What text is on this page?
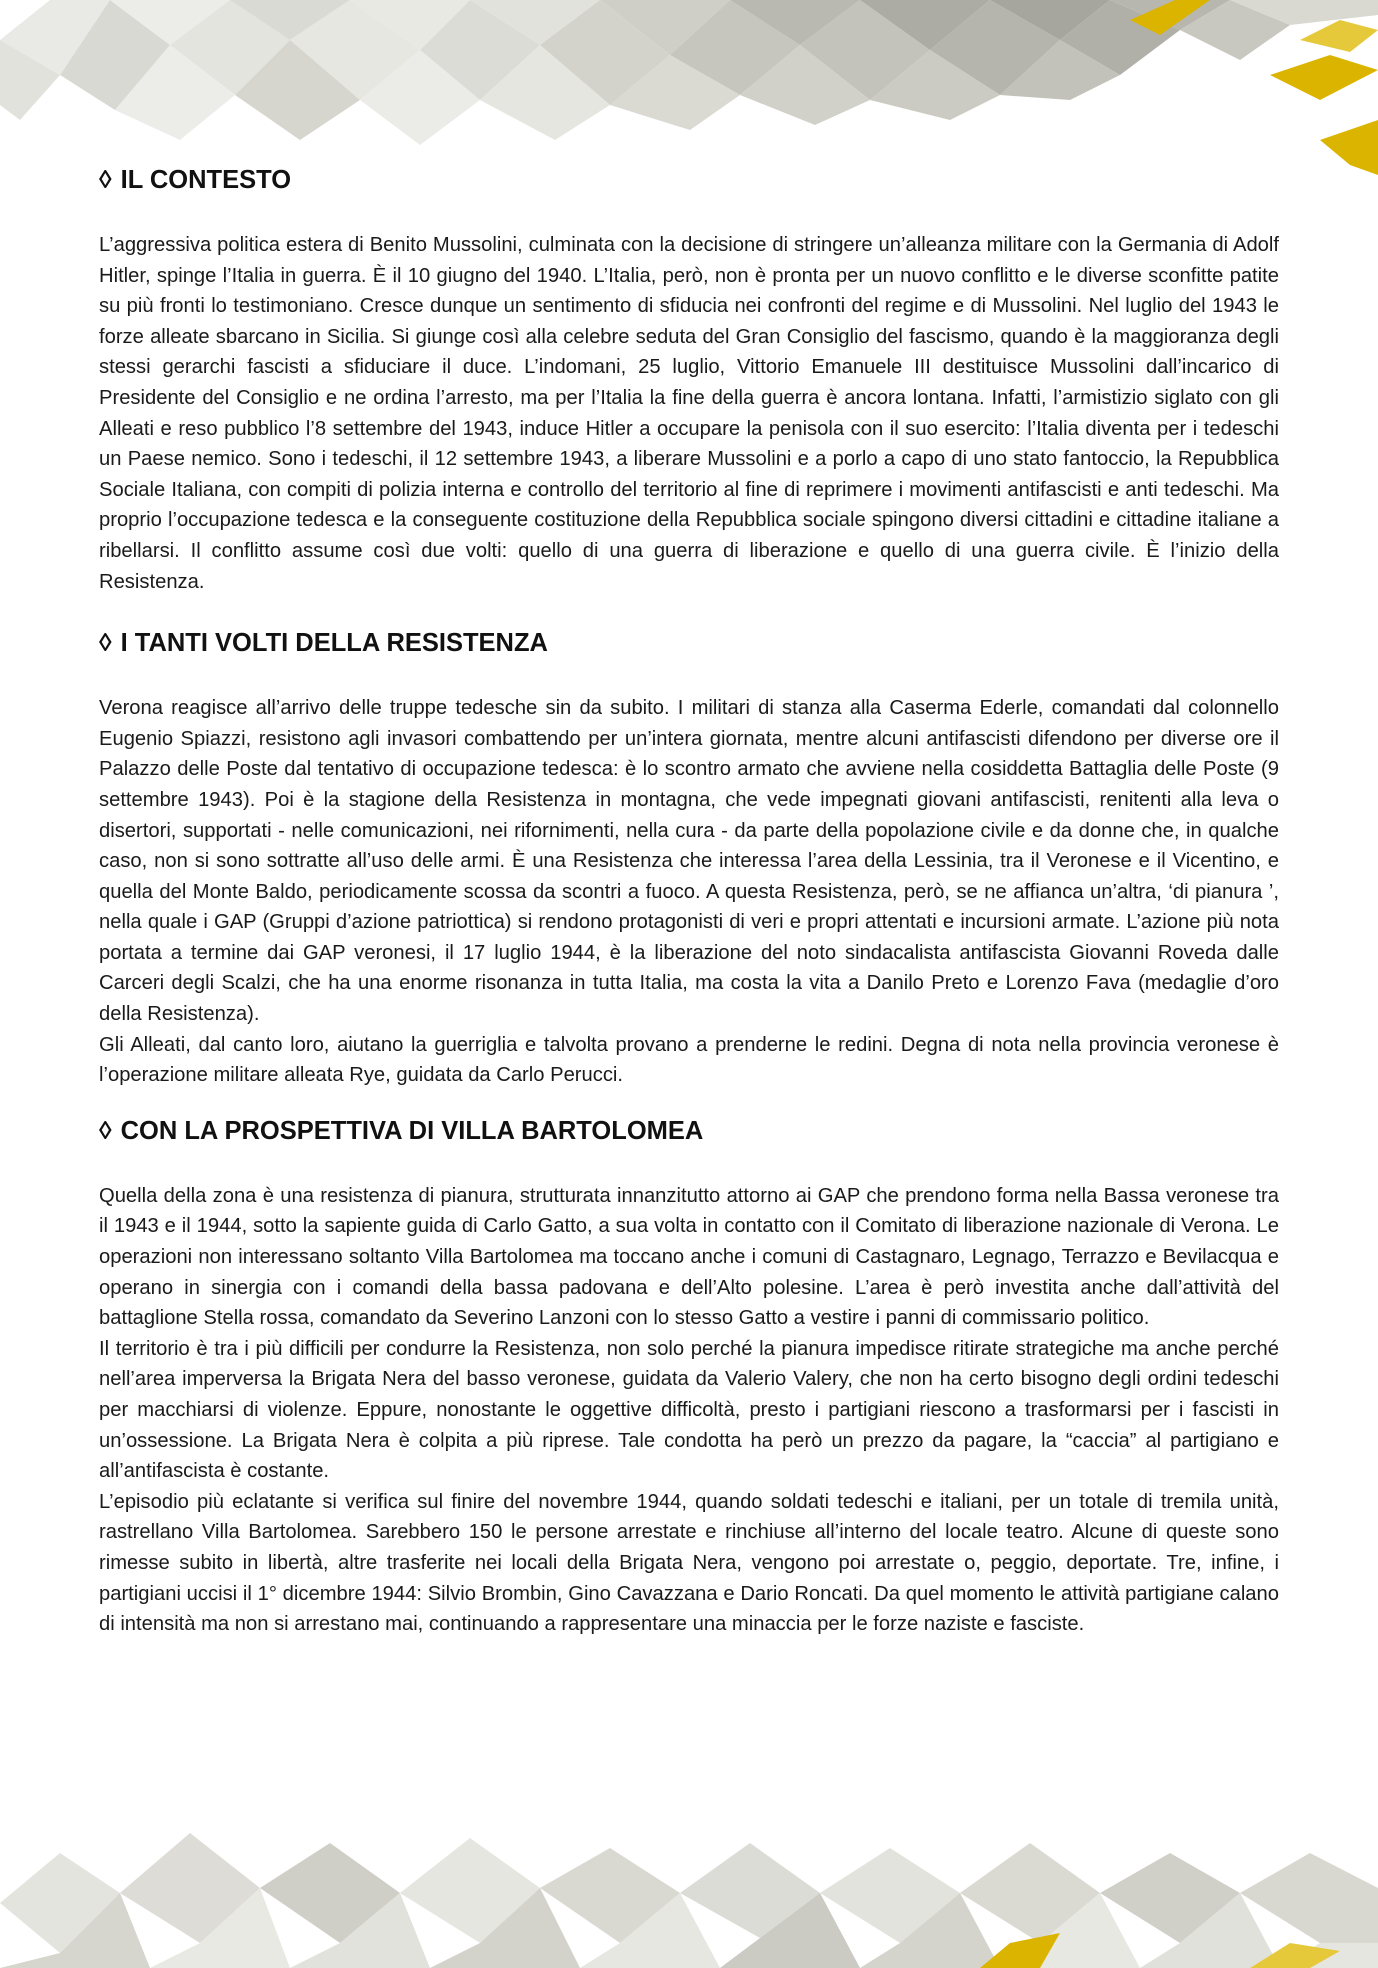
◊ IL CONTESTO

L’aggressiva politica estera di Benito Mussolini, culminata con la decisione di stringere un’alleanza militare con la Germania di Adolf Hitler, spinge l’Italia in guerra. È il 10 giugno del 1940. L’Italia, però, non è pronta per un nuovo conflitto e le diverse sconfitte patite su più fronti lo testimoniano. Cresce dunque un sentimento di sfiducia nei confronti del regime e di Mussolini. Nel luglio del 1943 le forze alleate sbarcano in Sicilia. Si giunge così alla celebre seduta del Gran Consiglio del fascismo, quando è la maggioranza degli stessi gerarchi fascisti a sfiduciare il duce. L’indomani, 25 luglio, Vittorio Emanuele III destituisce Mussolini dall’incarico di Presidente del Consiglio e ne ordina l’arresto, ma per l’Italia la fine della guerra è ancora lontana. Infatti, l’armistizio siglato con gli Alleati e reso pubblico l’8 settembre del 1943, induce Hitler a occupare la penisola con il suo esercito: l’Italia diventa per i tedeschi un Paese nemico. Sono i tedeschi, il 12 settembre 1943, a liberare Mussolini e a porlo a capo di uno stato fantoccio, la Repubblica Sociale Italiana, con compiti di polizia interna e controllo del territorio al fine di reprimere i movimenti antifascisti e anti tedeschi. Ma proprio l’occupazione tedesca e la conseguente costituzione della Repubblica sociale spingono diversi cittadini e cittadine italiane a ribellarsi. Il conflitto assume così due volti: quello di una guerra di liberazione e quello di una guerra civile. È l’inizio della Resistenza.

◊ I TANTI VOLTI DELLA RESISTENZA

Verona reagisce all’arrivo delle truppe tedesche sin da subito. I militari di stanza alla Caserma Ederle, comandati dal colonnello Eugenio Spiazzi, resistono agli invasori combattendo per un’intera giornata, mentre alcuni antifascisti difendono per diverse ore il Palazzo delle Poste dal tentativo di occupazione tedesca: è lo scontro armato che avviene nella cosiddetta Battaglia delle Poste (9 settembre 1943). Poi è la stagione della Resistenza in montagna, che vede impegnati giovani antifascisti, renitenti alla leva o disertori, supportati - nelle comunicazioni, nei rifornimenti, nella cura - da parte della popolazione civile e da donne che, in qualche caso, non si sono sottratte all’uso delle armi. È una Resistenza che interessa l’area della Lessinia, tra il Veronese e il Vicentino, e quella del Monte Baldo, periodicamente scossa da scontri a fuoco. A questa Resistenza, però, se ne affianca un’altra, ‘di pianura ’, nella quale i GAP (Gruppi d’azione patriottica) si rendono protagonisti di veri e propri attentati e incursioni armate. L’azione più nota portata a termine dai GAP veronesi, il 17 luglio 1944, è la liberazione del noto sindacalista antifascista Giovanni Roveda dalle Carceri degli Scalzi, che ha una enorme risonanza in tutta Italia, ma costa la vita a Danilo Preto e Lorenzo Fava (medaglie d’oro della Resistenza).

Gli Alleati, dal canto loro, aiutano la guerriglia e talvolta provano a prenderne le redini. Degna di nota nella provincia veronese è l’operazione militare alleata Rye, guidata da Carlo Perucci.

◊ CON LA PROSPETTIVA DI VILLA BARTOLOMEA

Quella della zona è una resistenza di pianura, strutturata innanzitutto attorno ai GAP che prendono forma nella Bassa veronese tra il 1943 e il 1944, sotto la sapiente guida di Carlo Gatto, a sua volta in contatto con il Comitato di liberazione nazionale di Verona. Le operazioni non interessano soltanto Villa Bartolomea ma toccano anche i comuni di Castagnaro, Legnago, Terrazzo e Bevilacqua e operano in sinergia con i comandi della bassa padovana e dell’Alto polesine. L’area è però investita anche dall’attività del battaglione Stella rossa, comandato da Severino Lanzoni con lo stesso Gatto a vestire i panni di commissario politico.

Il territorio è tra i più difficili per condurre la Resistenza, non solo perché la pianura impedisce ritirate strategiche ma anche perché nell’area imperversa la Brigata Nera del basso veronese, guidata da Valerio Valery, che non ha certo bisogno degli ordini tedeschi per macchiarsi di violenze. Eppure, nonostante le oggettive difficoltà, presto i partigiani riescono a trasformarsi per i fascisti in un’ossessione. La Brigata Nera è colpita a più riprese. Tale condotta ha però un prezzo da pagare, la “caccia” al partigiano e all’antifascista è costante.

L’episodio più eclatante si verifica sul finire del novembre 1944, quando soldati tedeschi e italiani, per un totale di tremila unità, rastrellano Villa Bartolomea. Sarebbero 150 le persone arrestate e rinchiuse all’interno del locale teatro. Alcune di queste sono rimesse subito in libertà, altre trasferite nei locali della Brigata Nera, vengono poi arrestate o, peggio, deportate. Tre, infine, i partigiani uccisi il 1° dicembre 1944: Silvio Brombin, Gino Cavazzana e Dario Roncati. Da quel momento le attività partigiane calano di intensità ma non si arrestano mai, continuando a rappresentare una minaccia per le forze naziste e fasciste.
